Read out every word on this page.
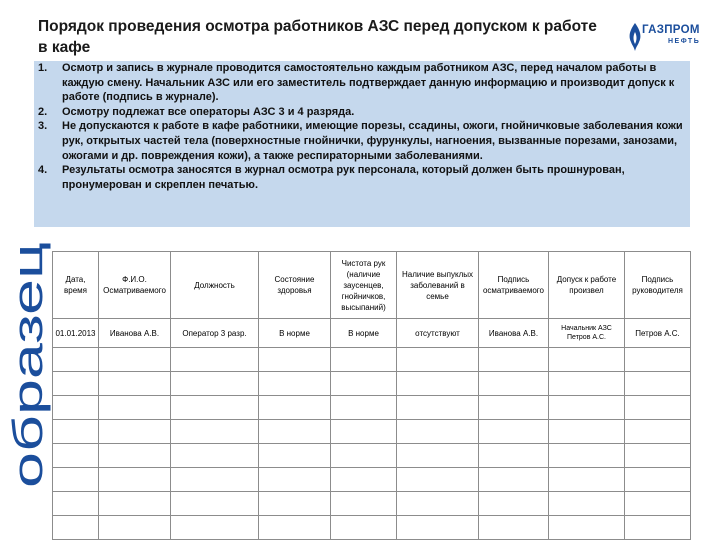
Порядок проведения осмотра работников АЗС перед допуском к работе в кафе
ГАЗПРОМ
НЕФТЬ
1. Осмотр и запись в журнале проводится самостоятельно каждым работником АЗС, перед началом работы в каждую смену. Начальник АЗС или его заместитель подтверждает данную информацию и производит допуск к работе (подпись в журнале).
2. Осмотру подлежат все операторы АЗС 3 и 4 разряда.
3. Не допускаются к работе в кафе работники, имеющие порезы, ссадины, ожоги, гнойничковые заболевания кожи рук, открытых частей тела (поверхностные гнойнички, фурункулы, нагноения, вызванные порезами, занозами, ожогами и др. повреждения кожи), а также респираторными заболеваниями.
4. Результаты осмотра заносятся в журнал осмотра рук персонала, который должен быть прошнурован, пронумерован и скреплен печатью.
образец
Дата, время	Ф.И.О. Осматриваемого	Должность	Состояние здоровья	Чистота рук (наличие заусенцев, гнойничков, высыпаний)	Наличие выпуклых заболеваний в семье	Подпись осматриваемого	Допуск к работе произвел	Подпись руководителя
01.01.2013	Иванова А.В.	Оператор 3 разр.	В норме	В норме	отсутствуют	Иванова А.В.	Начальник АЗС Петров А.С.	Петров А.С.
